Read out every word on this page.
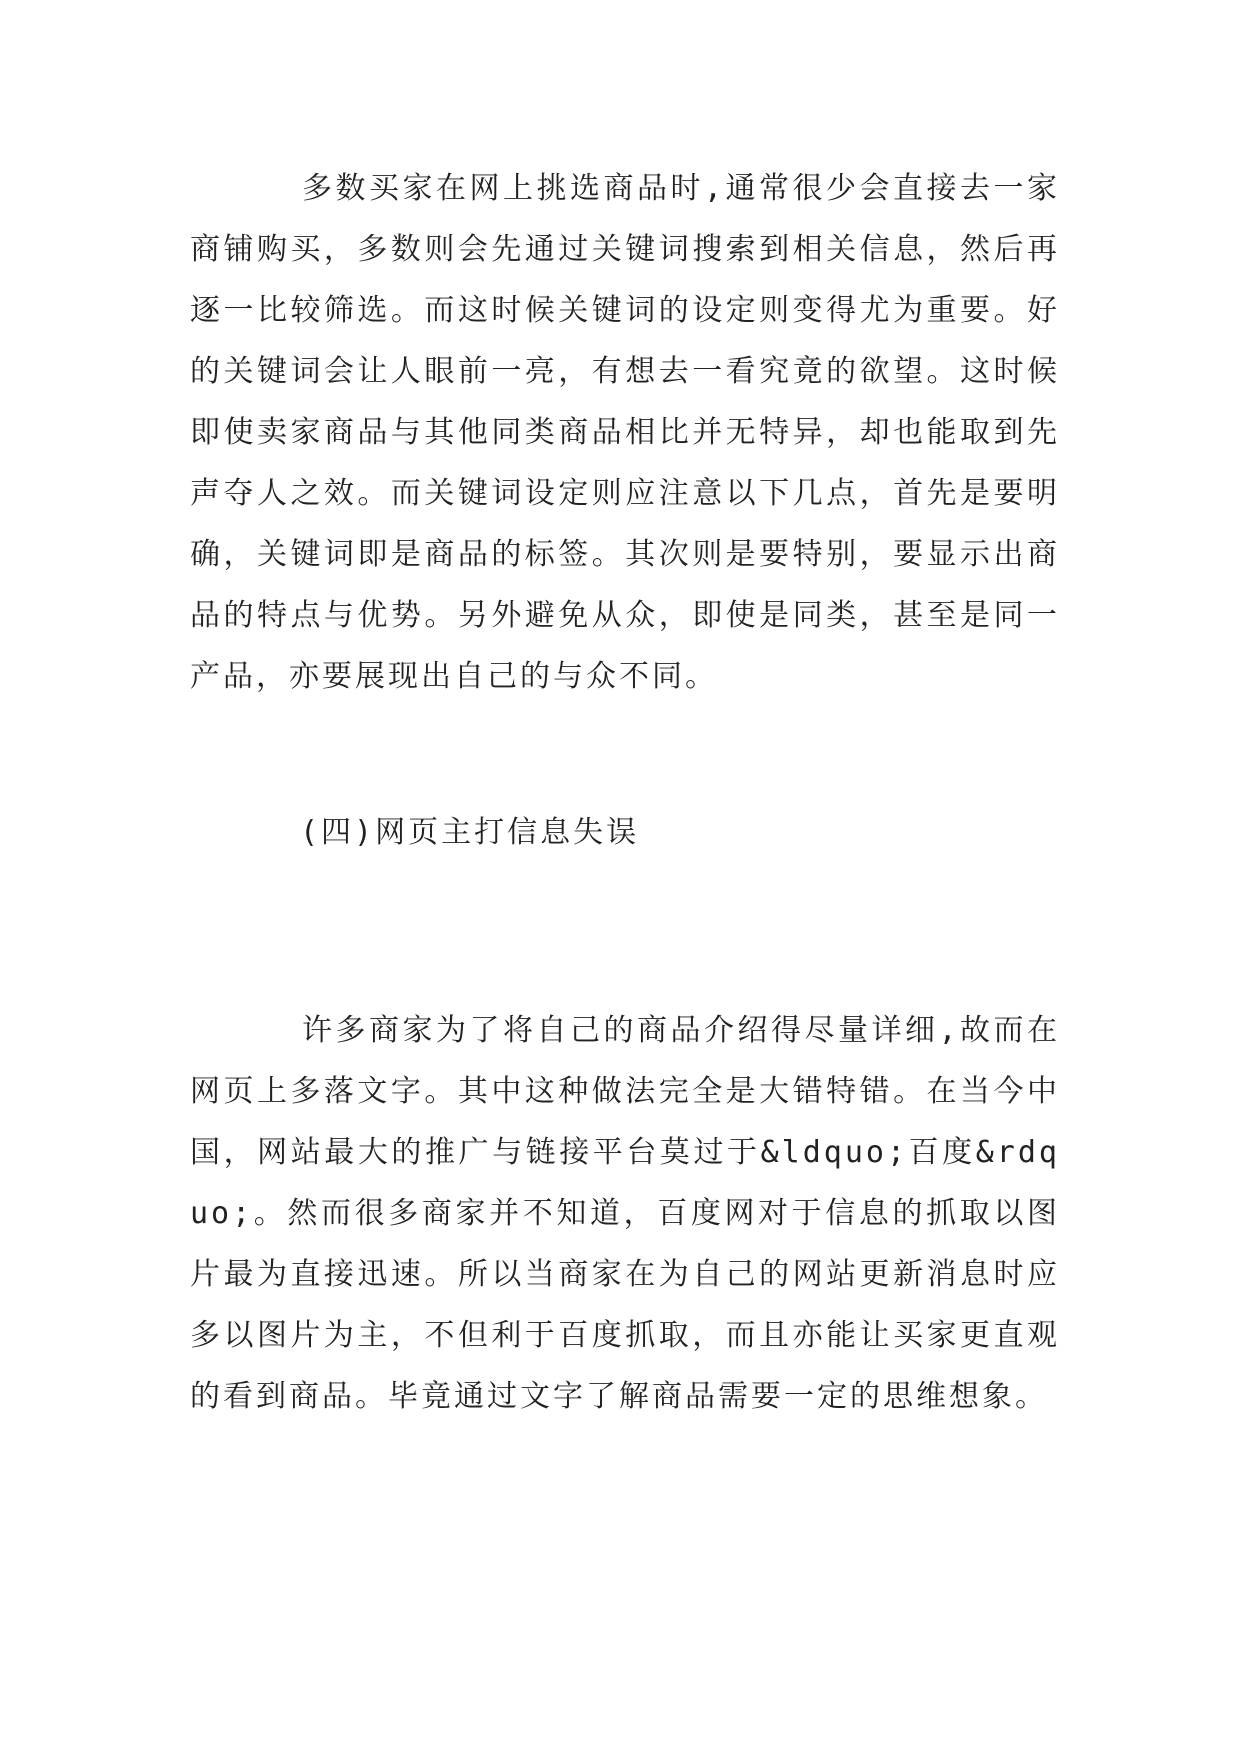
多数买家在网上挑选商品时,通常很少会直接去一家商铺购买，多数则会先通过关键词搜索到相关信息，然后再逐一比较筛选。而这时候关键词的设定则变得尤为重要。好的关键词会让人眼前一亮，有想去一看究竟的欲望。这时候即使卖家商品与其他同类商品相比并无特异，却也能取到先声夺人之效。而关键词设定则应注意以下几点，首先是要明确，关键词即是商品的标签。其次则是要特别，要显示出商品的特点与优势。另外避免从众，即使是同类，甚至是同一产品，亦要展现出自己的与众不同。

(四)网页主打信息失误

许多商家为了将自己的商品介绍得尽量详细,故而在网页上多落文字。其中这种做法完全是大错特错。在当今中国，网站最大的推广与链接平台莫过于&ldquo;百度&rdquo;。然而很多商家并不知道，百度网对于信息的抓取以图片最为直接迅速。所以当商家在为自己的网站更新消息时应多以图片为主，不但利于百度抓取，而且亦能让买家更直观的看到商品。毕竟通过文字了解商品需要一定的思维想象。
